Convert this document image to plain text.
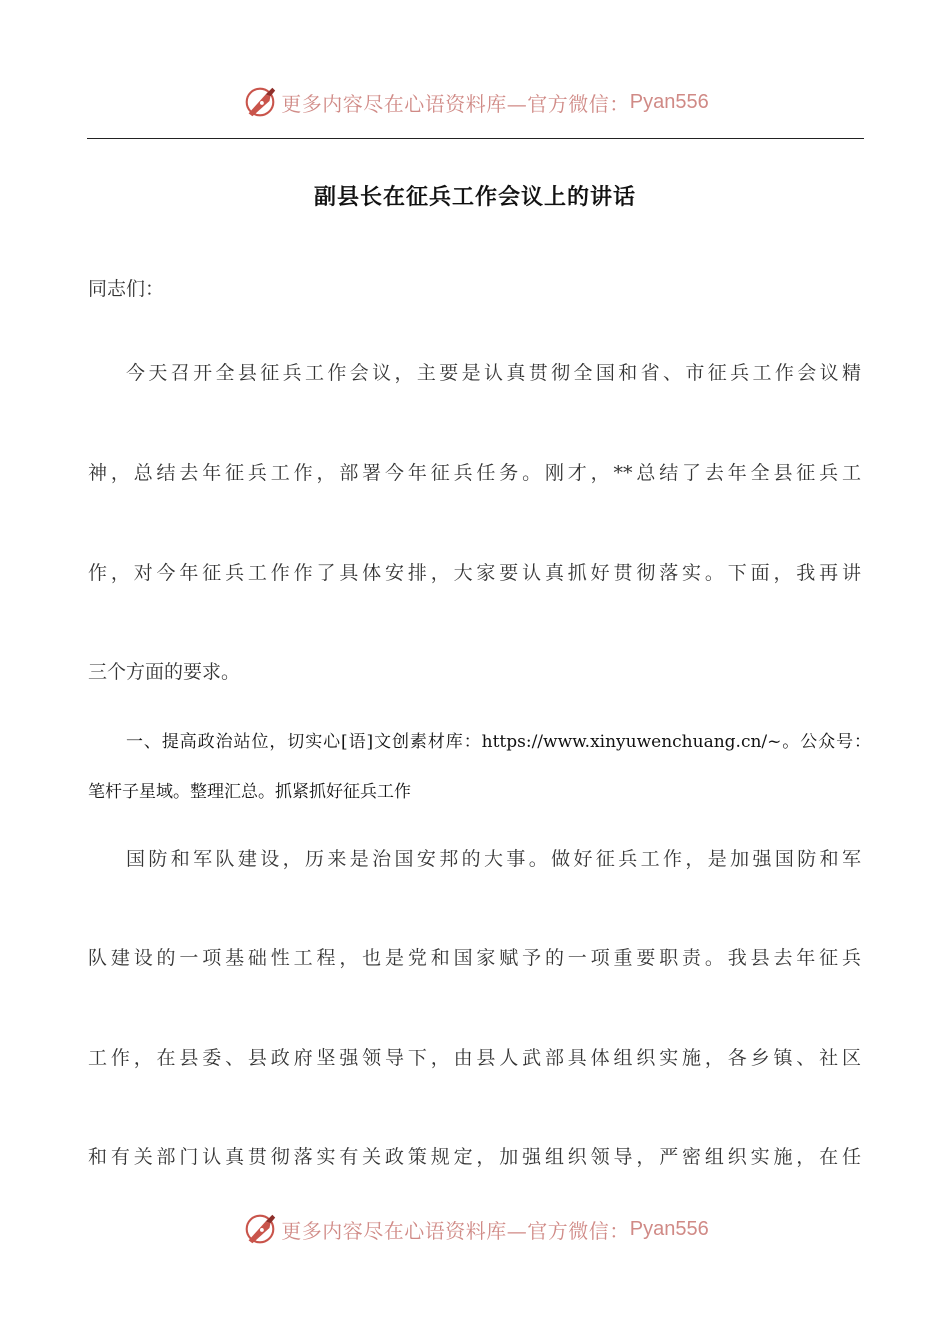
更多内容尽在心语资料库—官方微信： Pyan556
副县长在征兵工作会议上的讲话
同志们：
今天召开全县征兵工作会议，主要是认真贯彻全国和省、市征兵工作会议精
神，总结去年征兵工作，部署今年征兵任务。刚才，**总结了去年全县征兵工
作，对今年征兵工作作了具体安排，大家要认真抓好贯彻落实。下面，我再讲
三个方面的要求。
一、提高政治站位，切实心[语]文创素材库：https://www.xinyuwenchuang.cn/~。公众号：
笔杆子星域。整理汇总。抓紧抓好征兵工作
国防和军队建设，历来是治国安邦的大事。做好征兵工作，是加强国防和军
队建设的一项基础性工程，也是党和国家赋予的一项重要职责。我县去年征兵
工作，在县委、县政府坚强领导下，由县人武部具体组织实施，各乡镇、社区
和有关部门认真贯彻落实有关政策规定，加强组织领导，严密组织实施，在任
更多内容尽在心语资料库—官方微信： Pyan556
